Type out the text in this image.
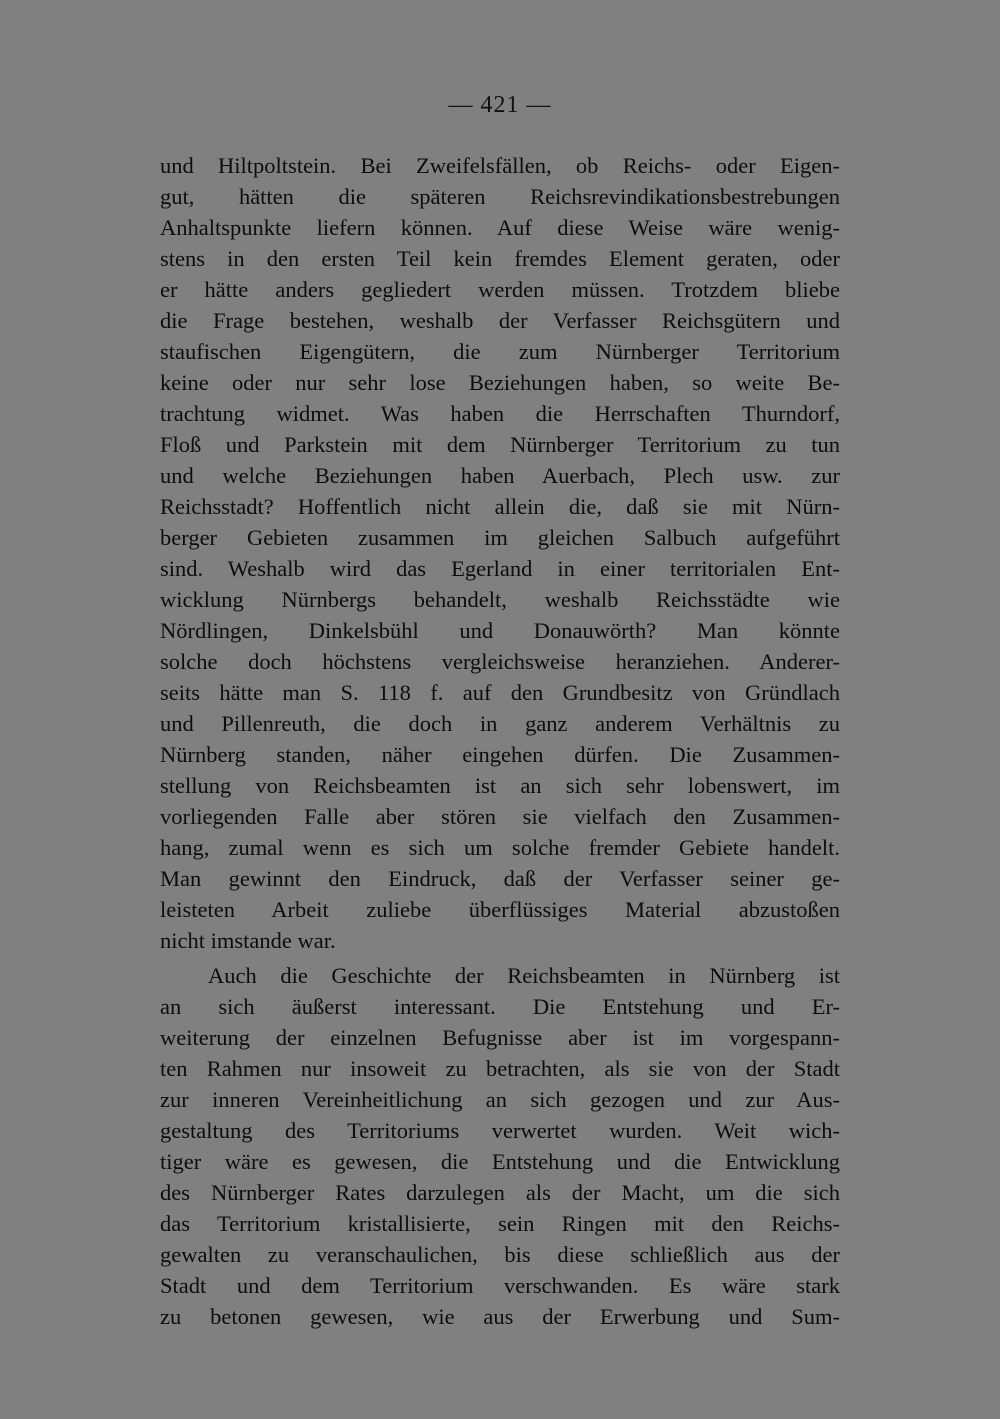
— 421 —
und Hiltpoltstein. Bei Zweifelsfällen, ob Reichs- oder Eigen-
gut, hätten die späteren Reichsrevindikationsbestrebungen
Anhaltspunkte liefern können. Auf diese Weise wäre wenig-
stens in den ersten Teil kein fremdes Element geraten, oder
er hätte anders gegliedert werden müssen. Trotzdem bliebe
die Frage bestehen, weshalb der Verfasser Reichsgütern und
staufischen Eigengütern, die zum Nürnberger Territorium
keine oder nur sehr lose Beziehungen haben, so weite Be-
trachtung widmet. Was haben die Herrschaften Thurndorf,
Floß und Parkstein mit dem Nürnberger Territorium zu tun
und welche Beziehungen haben Auerbach, Plech usw. zur
Reichsstadt? Hoffentlich nicht allein die, daß sie mit Nürn-
berger Gebieten zusammen im gleichen Salbuch aufgeführt
sind. Weshalb wird das Egerland in einer territorialen Ent-
wicklung Nürnbergs behandelt, weshalb Reichsstädte wie
Nördlingen, Dinkelsbühl und Donauwörth? Man könnte
solche doch höchstens vergleichsweise heranziehen. Anderer-
seits hätte man S. 118 f. auf den Grundbesitz von Gründlach
und Pillenreuth, die doch in ganz anderem Verhältnis zu
Nürnberg standen, näher eingehen dürfen. Die Zusammen-
stellung von Reichsbeamten ist an sich sehr lobenswert, im
vorliegenden Falle aber stören sie vielfach den Zusammen-
hang, zumal wenn es sich um solche fremder Gebiete handelt.
Man gewinnt den Eindruck, daß der Verfasser seiner ge-
leisteten Arbeit zuliebe überflüssiges Material abzustoßen
nicht imstande war.
Auch die Geschichte der Reichsbeamten in Nürnberg ist
an sich äußerst interessant. Die Entstehung und Er-
weiterung der einzelnen Befugnisse aber ist im vorgespann-
ten Rahmen nur insoweit zu betrachten, als sie von der Stadt
zur inneren Vereinheitlichung an sich gezogen und zur Aus-
gestaltung des Territoriums verwertet wurden. Weit wich-
tiger wäre es gewesen, die Entstehung und die Entwicklung
des Nürnberger Rates darzulegen als der Macht, um die sich
das Territorium kristallisierte, sein Ringen mit den Reichs-
gewalten zu veranschaulichen, bis diese schließlich aus der
Stadt und dem Territorium verschwanden. Es wäre stark
zu betonen gewesen, wie aus der Erwerbung und Sum-
